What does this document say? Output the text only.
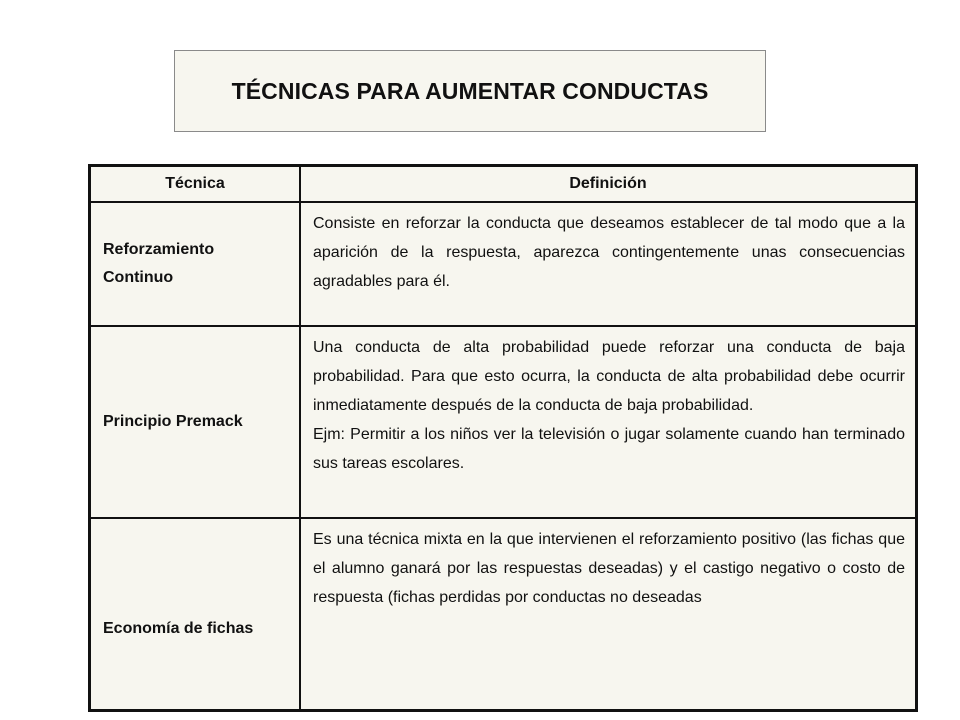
TÉCNICAS PARA AUMENTAR CONDUCTAS
Técnica	Definición
Reforzamiento Continuo	Consiste en reforzar la conducta que deseamos establecer de tal modo que a la aparición de la respuesta, aparezca contingentemente unas consecuencias agradables para él.

Principio Premack	Una conducta de alta probabilidad puede reforzar una conducta de baja probabilidad. Para que esto ocurra, la conducta de alta probabilidad debe ocurrir inmediatamente después de la conducta de baja probabilidad.

Ejm: Permitir a los niños ver la televisión o jugar solamente cuando han terminado sus tareas escolares.

Economía de fichas	Es una técnica mixta en la que intervienen el reforzamiento positivo (las fichas que el alumno ganará por las respuestas deseadas) y el castigo negativo o costo de respuesta (fichas perdidas por conductas no deseadas
